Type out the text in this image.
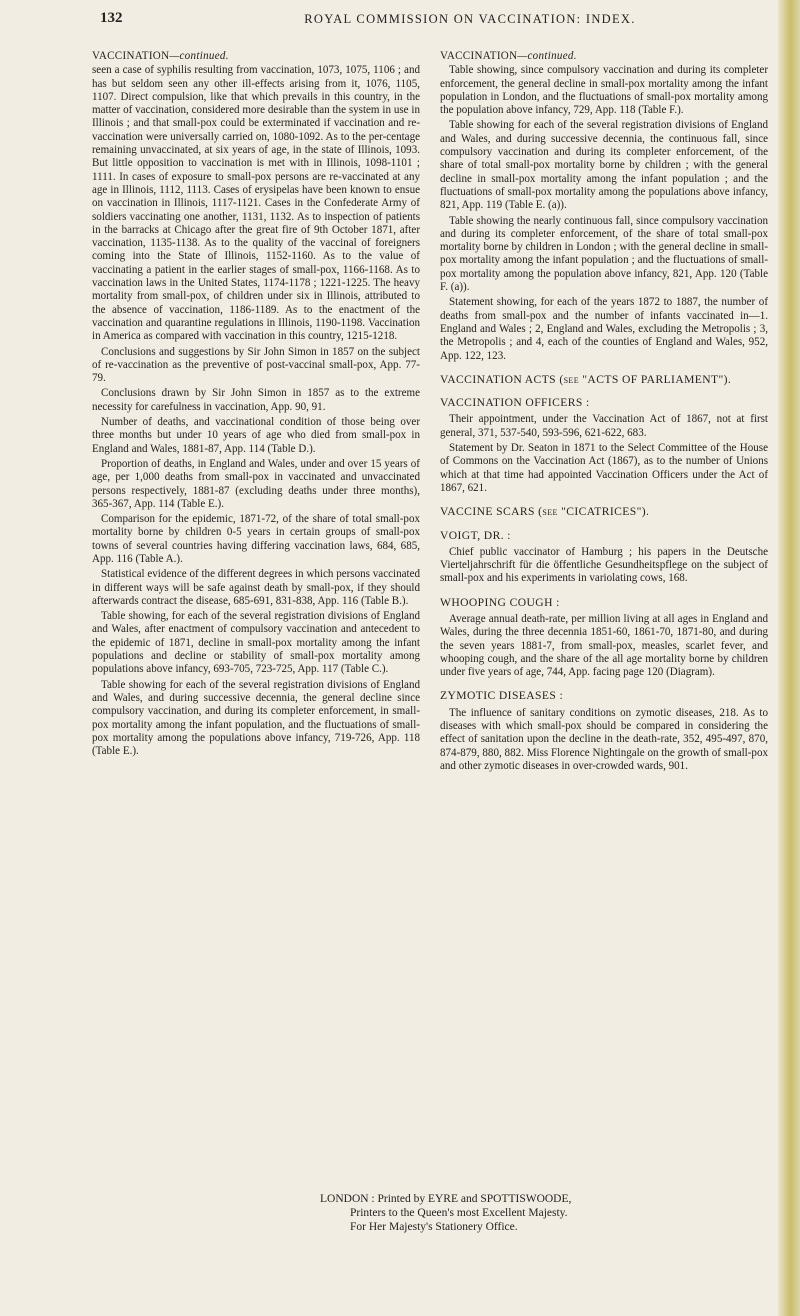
132	ROYAL COMMISSION ON VACCINATION: INDEX.
VACCINATION—continued.

seen a case of syphilis resulting from vaccination, 1073, 1075, 1106 ; and has but seldom seen any other ill-effects arising from it, 1076, 1105, 1107. Direct compulsion, like that which prevails in this country, in the matter of vaccination, considered more desirable than the system in use in Illinois ; and that small-pox could be exterminated if vaccination and re-vaccination were universally carried on, 1080-1092. As to the per-centage remaining unvaccinated, at six years of age, in the state of Illinois, 1093. But little opposition to vaccination is met with in Illinois, 1098-1101 ; 1111. In cases of exposure to small-pox persons are re-vaccinated at any age in Illinois, 1112, 1113. Cases of erysipelas have been known to ensue on vaccination in Illinois, 1117-1121. Cases in the Confederate Army of soldiers vaccinating one another, 1131, 1132. As to inspection of patients in the barracks at Chicago after the great fire of 9th October 1871, after vaccination, 1135-1138. As to the quality of the vaccinal of foreigners coming into the State of Illinois, 1152-1160. As to the value of vaccinating a patient in the earlier stages of small-pox, 1166-1168. As to vaccination laws in the United States, 1174-1178 ; 1221-1225. The heavy mortality from small-pox, of children under six in Illinois, attributed to the absence of vaccination, 1186-1189. As to the enactment of the vaccination and quarantine regulations in Illinois, 1190-1198. Vaccination in America as compared with vaccination in this country, 1215-1218.

Conclusions and suggestions by Sir John Simon in 1857 on the subject of re-vaccination as the preventive of post-vaccinal small-pox, App. 77-79.

Conclusions drawn by Sir John Simon in 1857 as to the extreme necessity for carefulness in vaccination, App. 90, 91.

Number of deaths, and vaccinational condition of those being over three months but under 10 years of age who died from small-pox in England and Wales, 1881-87, App. 114 (Table D.).

Proportion of deaths, in England and Wales, under and over 15 years of age, per 1,000 deaths from small-pox in vaccinated and unvaccinated persons respectively, 1881-87 (excluding deaths under three months), 365-367, App. 114 (Table E.).

Comparison for the epidemic, 1871-72, of the share of total small-pox mortality borne by children 0-5 years in certain groups of small-pox towns of several countries having differing vaccination laws, 684, 685, App. 116 (Table A.).

Statistical evidence of the different degrees in which persons vaccinated in different ways will be safe against death by small-pox, if they should afterwards contract the disease, 685-691, 831-838, App. 116 (Table B.).

Table showing, for each of the several registration divisions of England and Wales, after enactment of compulsory vaccination and antecedent to the epidemic of 1871, decline in small-pox mortality among the infant populations and decline or stability of small-pox mortality among populations above infancy, 693-705, 723-725, App. 117 (Table C.).

Table showing for each of the several registration divisions of England and Wales, and during successive decennia, the general decline since compulsory vaccination, and during its completer enforcement, in small-pox mortality among the infant population, and the fluctuations of small-pox mortality among the populations above infancy, 719-726, App. 118 (Table E.).

VACCINATION—continued.

Table showing, since compulsory vaccination and during its completer enforcement, the general decline in small-pox mortality among the infant population in London, and the fluctuations of small-pox mortality among the population above infancy, 729, App. 118 (Table F.).

Table showing for each of the several registration divisions of England and Wales, and during successive decennia, the continuous fall, since compulsory vaccination and during its completer enforcement, of the share of total small-pox mortality borne by children ; with the general decline in small-pox mortality among the infant population ; and the fluctuations of small-pox mortality among the populations above infancy, 821, App. 119 (Table E. (a)).

Table showing the nearly continuous fall, since compulsory vaccination and during its completer enforcement, of the share of total small-pox mortality borne by children in London ; with the general decline in small-pox mortality among the infant population ; and the fluctuations of small-pox mortality among the population above infancy, 821, App. 120 (Table F. (a)).

Statement showing, for each of the years 1872 to 1887, the number of deaths from small-pox and the number of infants vaccinated in—1. England and Wales ; 2, England and Wales, excluding the Metropolis ; 3, the Metropolis ; and 4, each of the counties of England and Wales, 952, App. 122, 123.

VACCINATION ACTS (see "ACTS OF PARLIAMENT").

VACCINATION OFFICERS :

Their appointment, under the Vaccination Act of 1867, not at first general, 371, 537-540, 593-596, 621-622, 683.

Statement by Dr. Seaton in 1871 to the Select Committee of the House of Commons on the Vaccination Act (1867), as to the number of Unions which at that time had appointed Vaccination Officers under the Act of 1867, 621.

VACCINE SCARS (see "CICATRICES").

VOIGT, DR. :

Chief public vaccinator of Hamburg ; his papers in the Deutsche Vierteljahrschrift für die öffentliche Gesundheitspflege on the subject of small-pox and his experiments in variolating cows, 168.

WHOOPING COUGH :

Average annual death-rate, per million living at all ages in England and Wales, during the three decennia 1851-60, 1861-70, 1871-80, and during the seven years 1881-7, from small-pox, measles, scarlet fever, and whooping cough, and the share of the all age mortality borne by children under five years of age, 744, App. facing page 120 (Diagram).

ZYMOTIC DISEASES :

The influence of sanitary conditions on zymotic diseases, 218. As to diseases with which small-pox should be compared in considering the effect of sanitation upon the decline in the death-rate, 352, 495-497, 870, 874-879, 880, 882. Miss Florence Nightingale on the growth of small-pox and other zymotic diseases in over-crowded wards, 901.

LONDON : Printed by EYRE and SPOTTISWOODE,
Printers to the Queen's most Excellent Majesty.
For Her Majesty's Stationery Office.
